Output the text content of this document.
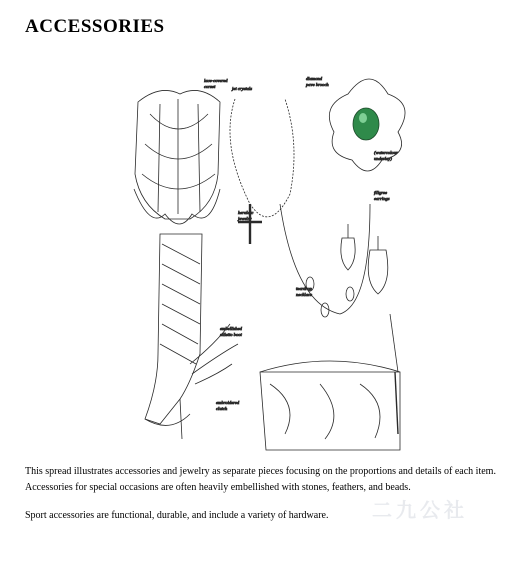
ACCESSORIES
lace-covered corset	jet crystals
diamond pave brooch
(watercolour underlay)
heraldic jewelry
filigree earrings
teardrop necklace
embellished stiletto boot
embroidered clutch

This spread illustrates accessories and jewelry as separate pieces focusing on the proportions and details of each item. Accessories for special occasions are often heavily embellished with stones, feathers, and beads.

Sport accessories are functional, durable, and include a variety of hardware.	二九公社
